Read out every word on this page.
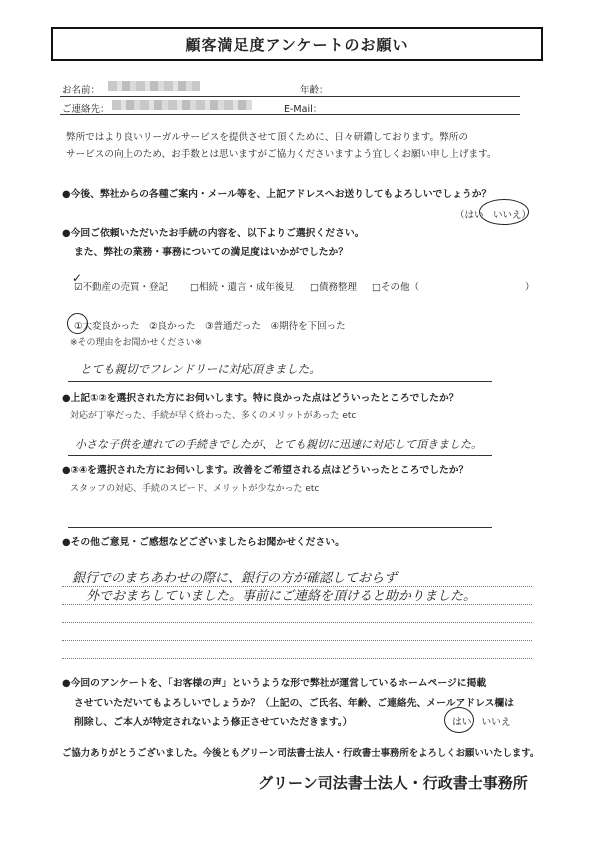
顧客満足度アンケートのお願い
お名前：	年齢：
ご連絡先：	E-Mail：
弊所ではより良いリーガルサービスを提供させて頂くために、日々研鑽しております。弊所の
サービスの向上のため、お手数とは思いますがご協力くださいますよう宜しくお願い申し上げます。
●今後、弊社からの各種ご案内・メール等を、上記アドレスへお送りしてもよろしいでしょうか？
（はい　いいえ）
●今回ご依頼いただいたお手続の内容を、以下よりご選択ください。
また、弊社の業務・事務についての満足度はいかがでしたか？
☑不動産の売買・登記 □相続・遺言・成年後見 □債務整理 □その他（	）
✓
①大変良かった　②良かった　③普通だった　④期待を下回った
※その理由をお聞かせください※
とても親切でフレンドリーに対応頂きました。
●上記①②を選択された方にお伺いします。特に良かった点はどういったところでしたか？
対応が丁寧だった、手続が早く終わった、多くのメリットがあった etc
小さな子供を連れての手続きでしたが、とても親切に迅速に対応して頂きました。
●③④を選択された方にお伺いします。改善をご希望される点はどういったところでしたか？
スタッフの対応、手続のスピード、メリットが少なかった etc
●その他ご意見・ご感想などございましたらお聞かせください。
銀行でのまちあわせの際に、銀行の方が確認しておらず
外でおまちしていました。事前にご連絡を頂けると助かりました。
●今回のアンケートを、「お客様の声」というような形で弊社が運営しているホームページに掲載
させていただいてもよろしいでしょうか？（上記の、ご氏名、年齢、ご連絡先、メールアドレス欄は
削除し、ご本人が特定されないよう修正させていただきます。）	はい　いいえ
ご協力ありがとうございました。今後ともグリーン司法書士法人・行政書士事務所をよろしくお願いいたします。
グリーン司法書士法人・行政書士事務所
